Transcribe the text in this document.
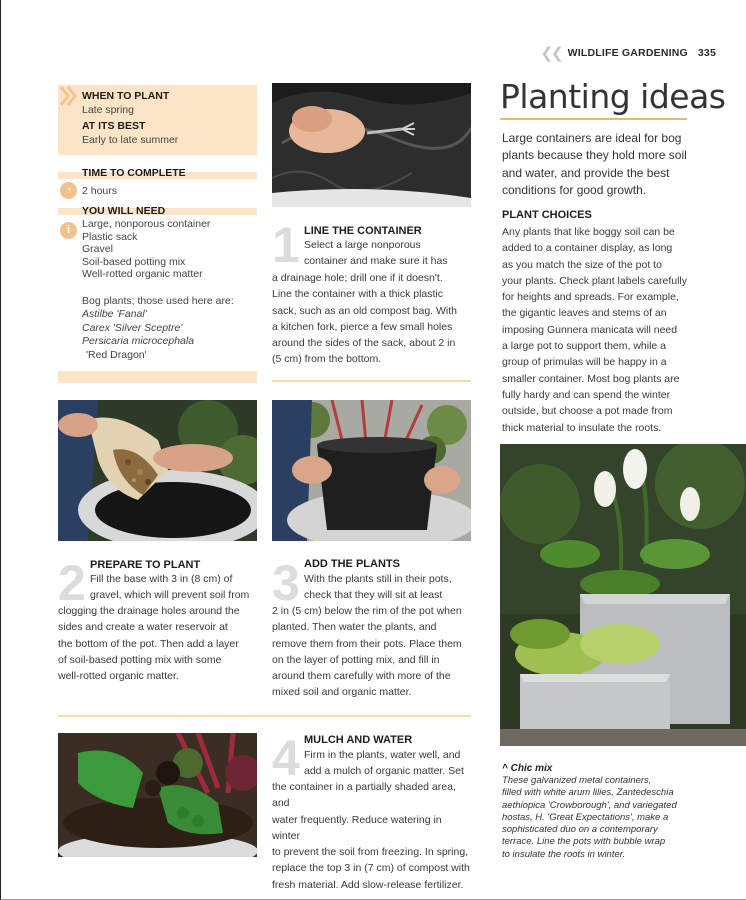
❮❮ WILDLIFE GARDENING 335
WHEN TO PLANT
Late spring
AT ITS BEST
Early to late summer
◔
TIME TO COMPLETE
2 hours
i
YOU WILL NEED
Large, nonporous container
Plastic sack
Gravel
Soil-based potting mix
Well-rotted organic matter
Bog plants; those used here are:
Astilbe 'Fanal'
Carex 'Silver Sceptre'
Persicaria microcephala
'Red Dragon'
1 LINE THE CONTAINER
Select a large nonporous
container and make sure it has
a drainage hole; drill one if it doesn't.
Line the container with a thick plastic
sack, such as an old compost bag. With
a kitchen fork, pierce a few small holes
around the sides of the sack, about 2 in
(5 cm) from the bottom.
2 PREPARE TO PLANT
Fill the base with 3 in (8 cm) of
gravel, which will prevent soil from
clogging the drainage holes around the
sides and create a water reservoir at
the bottom of the pot. Then add a layer
of soil-based potting mix with some
well-rotted organic matter.
3 ADD THE PLANTS
With the plants still in their pots,
check that they will sit at least
2 in (5 cm) below the rim of the pot when
planted. Then water the plants, and
remove them from their pots. Place them
on the layer of potting mix, and fill in
around them carefully with more of the
mixed soil and organic matter.
4 MULCH AND WATER
Firm in the plants, water well, and
add a mulch of organic matter. Set
the container in a partially shaded area, and
water frequently. Reduce watering in winter
to prevent the soil from freezing. In spring,
replace the top 3 in (7 cm) of compost with
fresh material. Add slow-release fertilizer.
Planting ideas
Large containers are ideal for bog
plants because they hold more soil
and water, and provide the best
conditions for good growth.
PLANT CHOICES
Any plants that like boggy soil can be
added to a container display, as long
as you match the size of the pot to
your plants. Check plant labels carefully
for heights and spreads. For example,
the gigantic leaves and stems of an
imposing Gunnera manicata will need
a large pot to support them, while a
group of primulas will be happy in a
smaller container. Most bog plants are
fully hardy and can spend the winter
outside, but choose a pot made from
thick material to insulate the roots.
^ Chic mix
These galvanized metal containers,
filled with white arum lilies, Zantedeschia
aethiopica 'Crowborough', and variegated
hostas, H. 'Great Expectations', make a
sophisticated duo on a contemporary
terrace. Line the pots with bubble wrap
to insulate the roots in winter.
